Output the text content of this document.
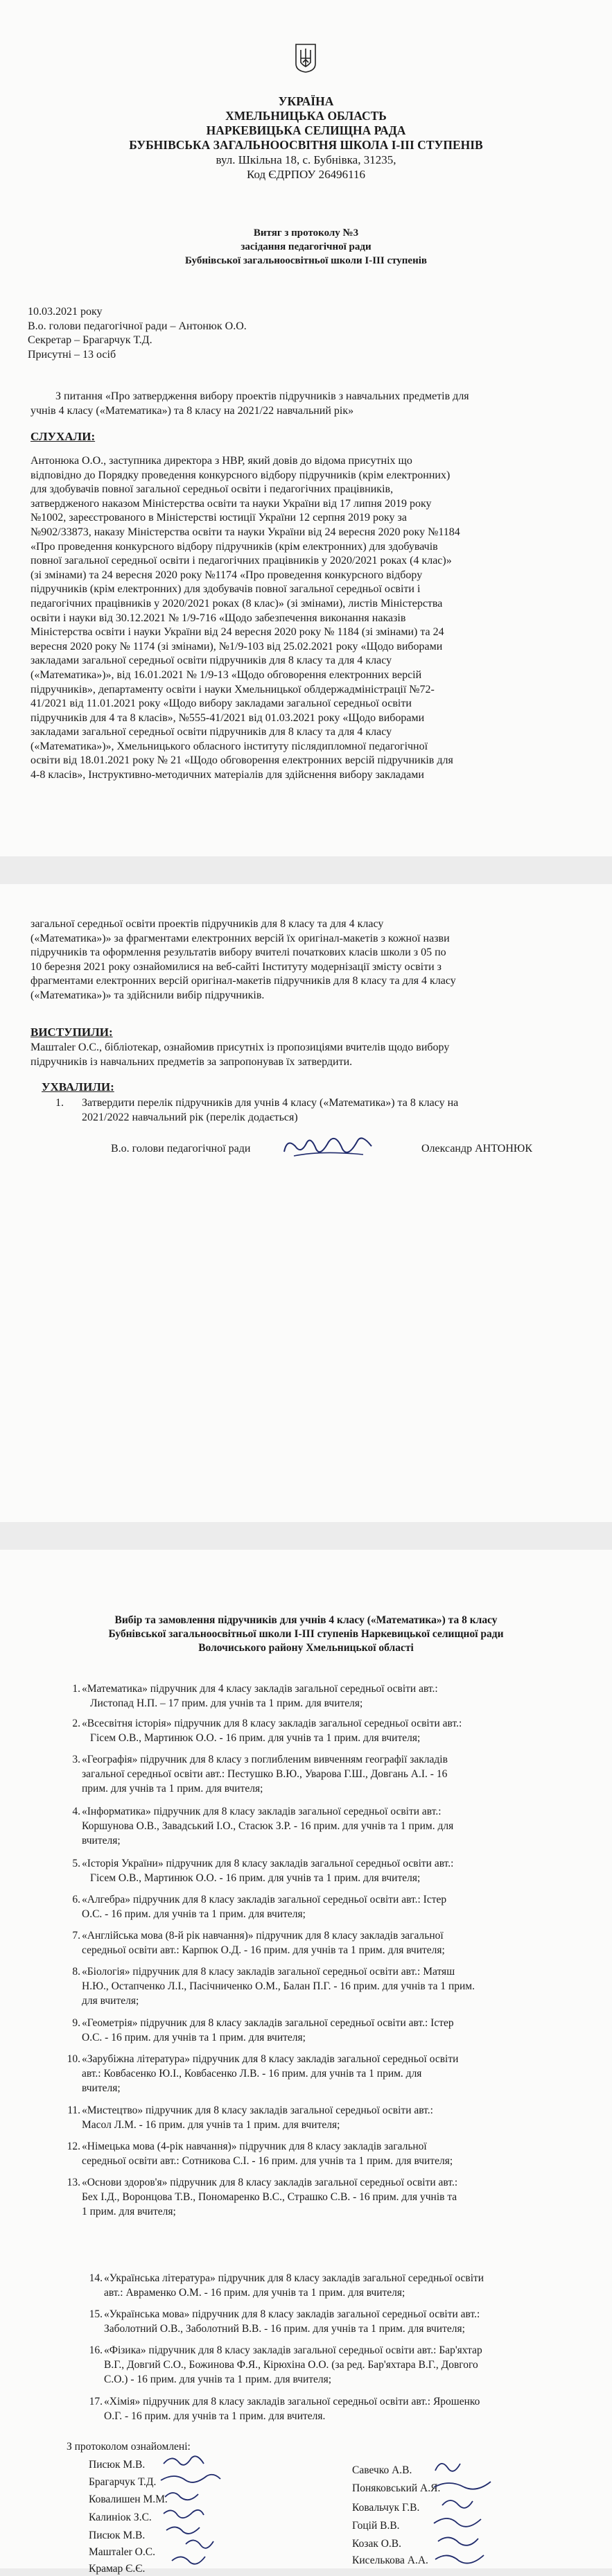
УКРАЇНА
ХМЕЛЬНИЦЬКА ОБЛАСТЬ
НАРКЕВИЦЬКА СЕЛИЩНА РАДА
БУБНІВСЬКА ЗАГАЛЬНООСВІТНЯ ШКОЛА І-ІІІ СТУПЕНІВ
вул. Шкільна 18, с. Бубнівка, 31235,
Код ЄДРПОУ 26496116
Витяг з протоколу №3
засідання педагогічної ради
Бубнівської загальноосвітньої школи І-ІІІ ступенів
10.03.2021 року
В.о. голови педагогічної ради – Антонюк О.О.
Секретар – Брагарчук Т.Д.
Присутні – 13 осіб
З питання «Про затвердження вибору проектів підручників з навчальних предметів для
учнів 4 класу («Математика») та 8 класу на 2021/22 навчальний рік»
СЛУХАЛИ:
Антонюка О.О., заступника директора з НВР, який довів до відома присутніх що
відповідно до Порядку проведення конкурсного відбору підручників (крім електронних)
для здобувачів повної загальної середньої освіти і педагогічних працівників,
затвердженого наказом Міністерства освіти та науки України від 17 липня 2019 року
№1002, зареєстрованого в Міністерстві юстиції України 12 серпня 2019 року за
№902/33873, наказу Міністерства освіти та науки України від 24 вересня 2020 року №1184
«Про проведення конкурсного відбору підручників (крім електронних) для здобувачів
повної загальної середньої освіти і педагогічних працівників у 2020/2021 роках (4 клас)»
(зі змінами) та 24 вересня 2020 року №1174 «Про проведення конкурсного відбору
підручників (крім електронних) для здобувачів повної загальної середньої освіти і
педагогічних працівників у 2020/2021 роках (8 клас)» (зі змінами), листів Міністерства
освіти і науки від 30.12.2021 № 1/9-716 «Щодо забезпечення виконання наказів
Міністерства освіти і науки України від 24 вересня 2020 року № 1184 (зі змінами) та 24
вересня 2020 року № 1174 (зі змінами), №1/9-103 від 25.02.2021 року «Щодо виборами
закладами загальної середньої освіти підручників для 8 класу та для 4 класу
(«Математика»)», від 16.01.2021 № 1/9-13 «Щодо обговорення електронних версій
підручників», департаменту освіти і науки Хмельницької облдержадміністрації №72-
41/2021 від 11.01.2021 року «Щодо вибору закладами загальної середньої освіти
підручників для 4 та 8 класів», №555-41/2021 від 01.03.2021 року «Щодо виборами
закладами загальної середньої освіти підручників для 8 класу та для 4 класу
(«Математика»)», Хмельницького обласного інституту післядипломної педагогічної
освіти від 18.01.2021 року № 21 «Щодо обговорення електронних версій підручників для
4-8 класів», Інструктивно-методичних матеріалів для здійснення вибору закладами
загальної середньої освіти проектів підручників для 8 класу та для 4 класу
(«Математика»)» за фрагментами електронних версій їх оригінал-макетів з кожної назви
підручників та оформлення результатів вибору вчителі початкових класів школи з 05 по
10 березня 2021 року ознайомилися на веб-сайті Інституту модернізації змісту освіти з
фрагментами електронних версій оригінал-макетів підручників для 8 класу та для 4 класу
(«Математика»)» та здійснили вибір підручників.
ВИСТУПИЛИ:
Маштаler О.С., бібліотекар, ознайомив присутніх із пропозиціями вчителів щодо вибору
підручників із навчальних предметів за запропонував їх затвердити.
УХВАЛИЛИ:
1. Затвердити перелік підручників для учнів 4 класу («Математика») та 8 класу на
2021/2022 навчальний рік (перелік додається)
В.о. голови педагогічної ради	Олександр АНТОНЮК
Вибір та замовлення підручників для учнів 4 класу («Математика») та 8 класу
Бубнівської загальноосвітньої школи І-ІІІ ступенів Наркевицької селищної ради
Волочиського району Хмельницької області
1. «Математика» підручник для 4 класу закладів загальної середньої освіти авт.:
Листопад Н.П. – 17 прим. для учнів та 1 прим. для вчителя;
2. «Всесвітня історія» підручник для 8 класу закладів загальної середньої освіти авт.:
Гісем О.В., Мартинюк О.О. - 16 прим. для учнів та 1 прим. для вчителя;
3. «Географія» підручник для 8 класу з поглибленим вивченням географії закладів
загальної середньої освіти авт.: Пестушко В.Ю., Уварова Г.Ш., Довгань А.І. - 16
прим. для учнів та 1 прим. для вчителя;
4. «Інформатика» підручник для 8 класу закладів загальної середньої освіти авт.:
Коршунова О.В., Завадський І.О., Стасюк З.Р. - 16 прим. для учнів та 1 прим. для
вчителя;
5. «Історія України» підручник для 8 класу закладів загальної середньої освіти авт.:
Гісем О.В., Мартинюк О.О. - 16 прим. для учнів та 1 прим. для вчителя;
6. «Алгебра» підручник для 8 класу закладів загальної середньої освіти авт.: Істер
О.С. - 16 прим. для учнів та 1 прим. для вчителя;
7. «Англійська мова (8-й рік навчання)» підручник для 8 класу закладів загальної
середньої освіти авт.: Карпюк О.Д. - 16 прим. для учнів та 1 прим. для вчителя;
8. «Біологія» підручник для 8 класу закладів загальної середньої освіти авт.: Матяш
Н.Ю., Остапченко Л.І., Пасічниченко О.М., Балан П.Г. - 16 прим. для учнів та 1 прим.
для вчителя;
9. «Геометрія» підручник для 8 класу закладів загальної середньої освіти авт.: Істер
О.С. - 16 прим. для учнів та 1 прим. для вчителя;
10. «Зарубіжна література» підручник для 8 класу закладів загальної середньої освіти
авт.: Ковбасенко Ю.І., Ковбасенко Л.В. - 16 прим. для учнів та 1 прим. для
вчителя;
11. «Мистецтво» підручник для 8 класу закладів загальної середньої освіти авт.:
Масол Л.М. - 16 прим. для учнів та 1 прим. для вчителя;
12. «Німецька мова (4-рік навчання)» підручник для 8 класу закладів загальної
середньої освіти авт.: Сотникова С.І. - 16 прим. для учнів та 1 прим. для вчителя;
13. «Основи здоров'я» підручник для 8 класу закладів загальної середньої освіти авт.:
Бех І.Д., Воронцова Т.В., Пономаренко В.С., Страшко С.В. - 16 прим. для учнів та
1 прим. для вчителя;
14. «Українська література» підручник для 8 класу закладів загальної середньої освіти
авт.: Авраменко О.М. - 16 прим. для учнів та 1 прим. для вчителя;
15. «Українська мова» підручник для 8 класу закладів загальної середньої освіти авт.:
Заболотний О.В., Заболотний В.В. - 16 прим. для учнів та 1 прим. для вчителя;
16. «Фізика» підручник для 8 класу закладів загальної середньої освіти авт.: Бар'яхтар
В.Г., Довгий С.О., Божинова Ф.Я., Кірюхіна О.О. (за ред. Бар'яхтара В.Г., Довгого
С.О.) - 16 прим. для учнів та 1 прим. для вчителя;
17. «Хімія» підручник для 8 класу закладів загальної середньої освіти авт.: Ярошенко
О.Г. - 16 прим. для учнів та 1 прим. для вчителя.
З протоколом ознайомлені:
Писюк М.В.
Брагарчук Т.Д.
Ковалишен М.М.
Калиніок З.С.
Писюк М.В.
Маштаler О.С.
Крамар Є.Є.
Савечко А.В.
Поняковський А.Я.
Ковальчук Г.В.
Гоцій В.В.
Козак О.В.
Киселькова А.А.
